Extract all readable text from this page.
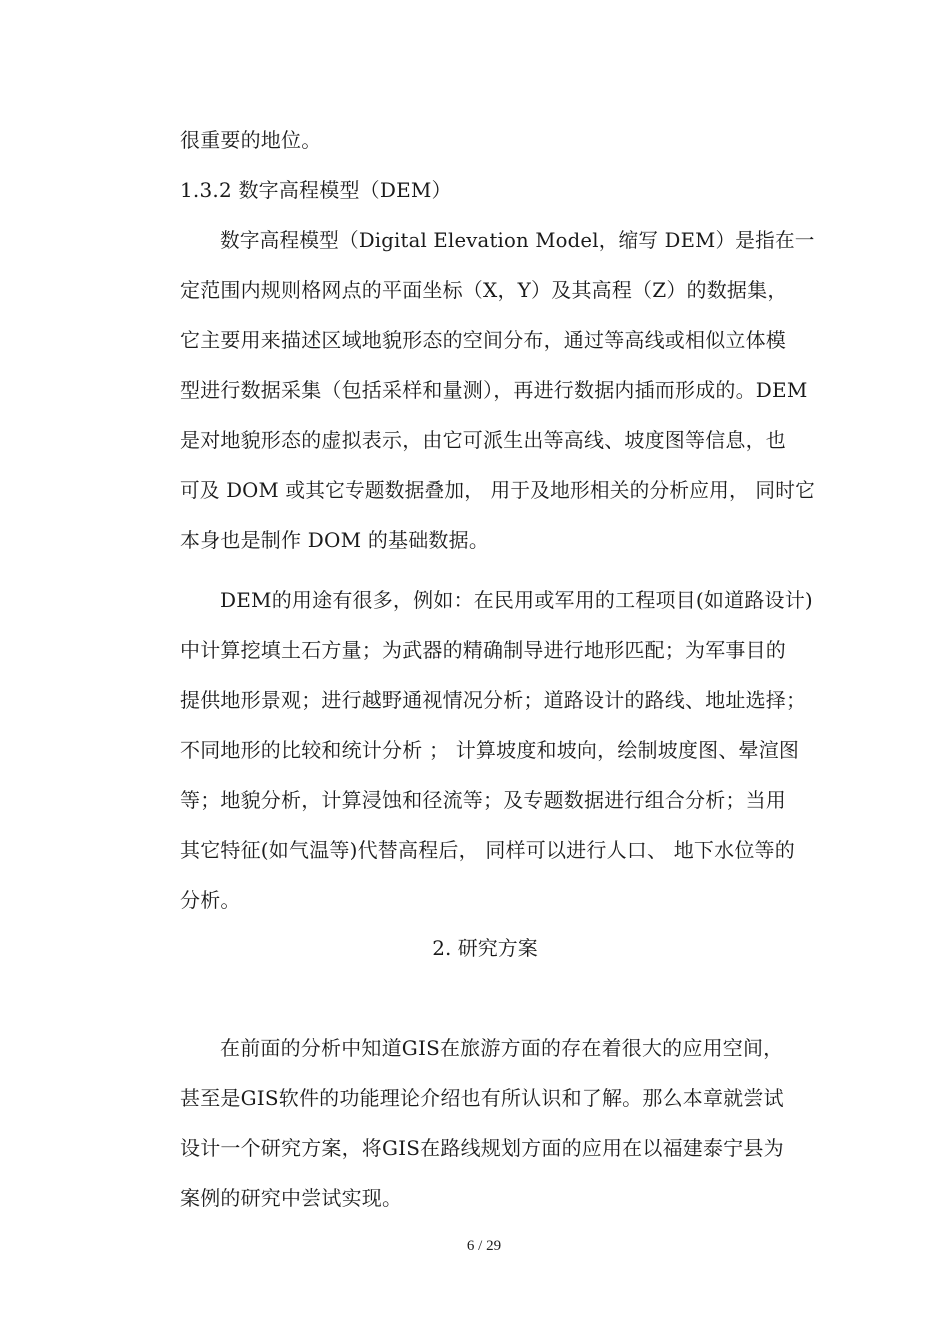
很重要的地位。
1.3.2 数字高程模型（DEM）
数字高程模型（Digital Elevation Model，缩写 DEM）是指在一
定范围内规则格网点的平面坐标（X，Y）及其高程（Z）的数据集，
它主要用来描述区域地貌形态的空间分布，通过等高线或相似立体模
型进行数据采集（包括采样和量测），再进行数据内插而形成的。DEM
是对地貌形态的虚拟表示，由它可派生出等高线、坡度图等信息，也
可及 DOM 或其它专题数据叠加， 用于及地形相关的分析应用， 同时它
本身也是制作 DOM 的基础数据。
DEM的用途有很多，例如：在民用或军用的工程项目(如道路设计)
中计算挖填土石方量；为武器的精确制导进行地形匹配；为军事目的
提供地形景观；进行越野通视情况分析；道路设计的路线、地址选择；
不同地形的比较和统计分析 ； 计算坡度和坡向，绘制坡度图、晕渲图
等；地貌分析，计算浸蚀和径流等；及专题数据进行组合分析；当用
其它特征(如气温等)代替高程后， 同样可以进行人口、 地下水位等的
分析。
2. 研究方案
在前面的分析中知道GIS在旅游方面的存在着很大的应用空间，
甚至是GIS软件的功能理论介绍也有所认识和了解。那么本章就尝试
设计一个研究方案，将GIS在路线规划方面的应用在以福建泰宁县为
案例的研究中尝试实现。
6 / 29
